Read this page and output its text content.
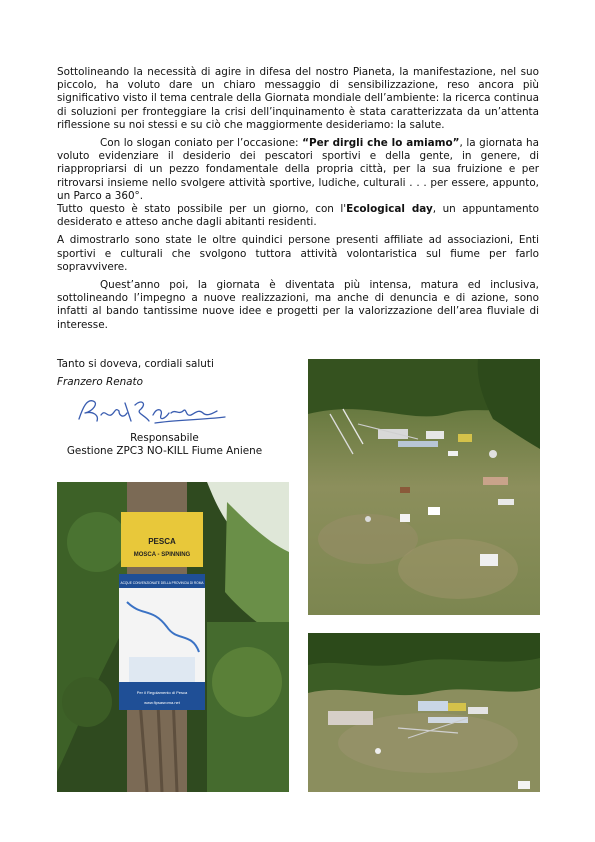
Sottolineando la necessità di agire in difesa del nostro Pianeta, la manifestazione, nel suo piccolo, ha voluto dare un chiaro messaggio di sensibilizzazione, reso ancora più significativo visto il tema centrale della Giornata mondiale dell’ambiente: la ricerca continua di soluzioni per fronteggiare la crisi dell’inquinamento è stata caratterizzata da un’attenta riflessione su noi stessi e su ciò che maggiormente desideriamo: la salute.

Con lo slogan coniato per l’occasione: “Per dirgli che lo amiamo”, la giornata ha voluto evidenziare il desiderio dei pescatori sportivi e della gente, in genere, di riappropriarsi di un pezzo fondamentale della propria città, per la sua fruizione e per ritrovarsi insieme nello svolgere attività sportive, ludiche, culturali . . . per essere, appunto, un Parco a 360°.

Tutto questo è stato possibile per un giorno, con l'Ecological day, un appuntamento desiderato e atteso anche dagli abitanti residenti.

A dimostrarlo sono state le oltre quindici persone presenti affiliate ad associazioni, Enti sportivi e culturali che svolgono tuttora attività volontaristica sul fiume per farlo sopravvivere.

Quest’anno poi, la giornata è diventata più intensa, matura ed inclusiva, sottolineando l’impegno a nuove realizzazioni, ma anche di denuncia e di azione, sono infatti al bando tantissime nuove idee e progetti per la valorizzazione dell’area fluviale di interesse.

Tanto si doveva, cordiali saluti

Franzero Renato

Responsabile
Gestione ZPC3 NO-KILL Fiume Aniene
PESCA
MOSCA - SPINNING
ACQUE CONVENZIONATE DELLA PROVINCIA DI ROMA
Per il Regolamento di Pesca
www.fipsasroma.net
